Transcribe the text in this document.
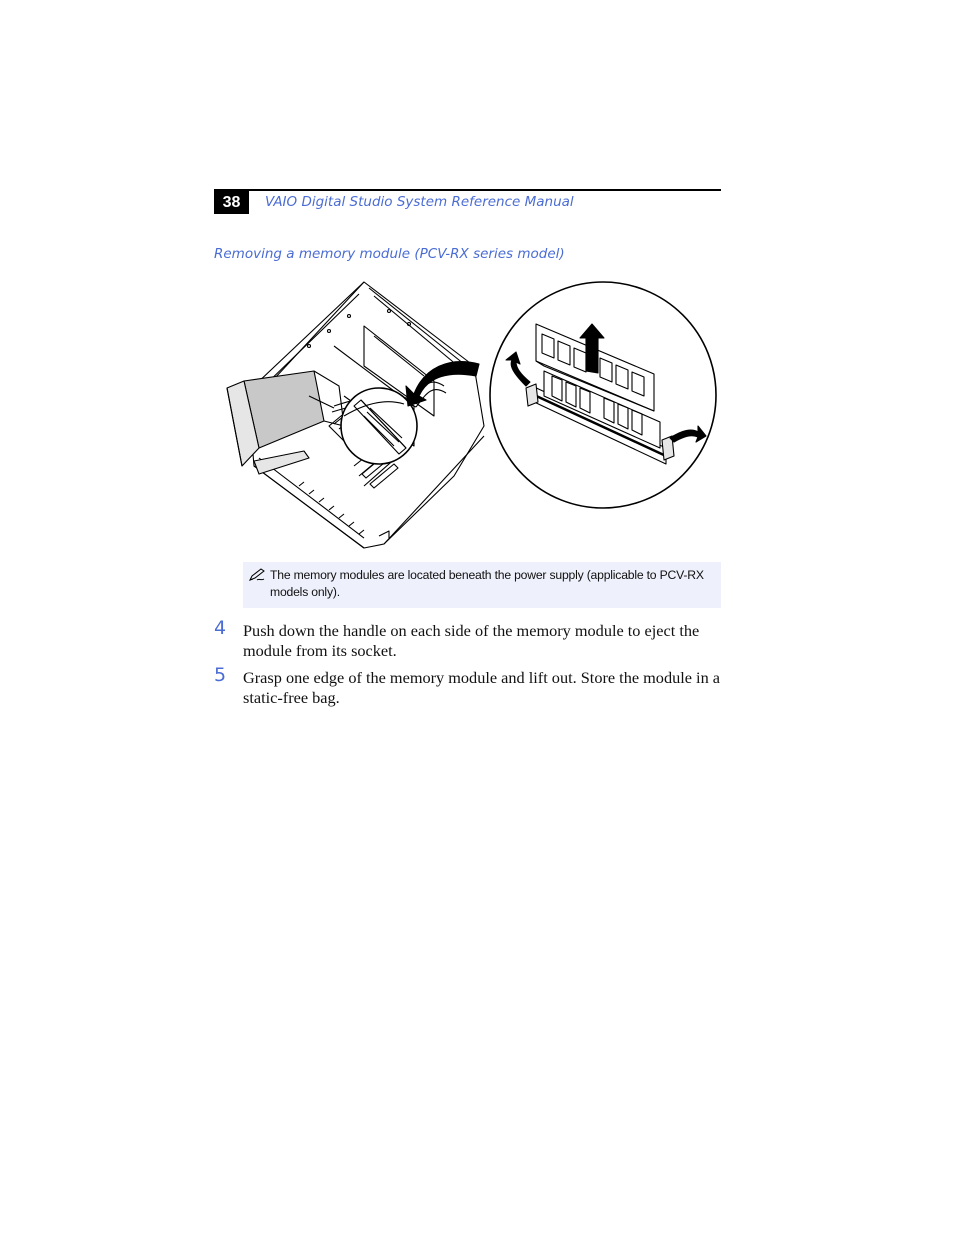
38	VAIO Digital Studio System Reference Manual
Removing a memory module (PCV-RX series model)
The memory modules are located beneath the power supply (applicable to PCV-RX models only).
4 Push down the handle on each side of the memory module to eject the module from its socket.
5 Grasp one edge of the memory module and lift out. Store the module in a static-free bag.
